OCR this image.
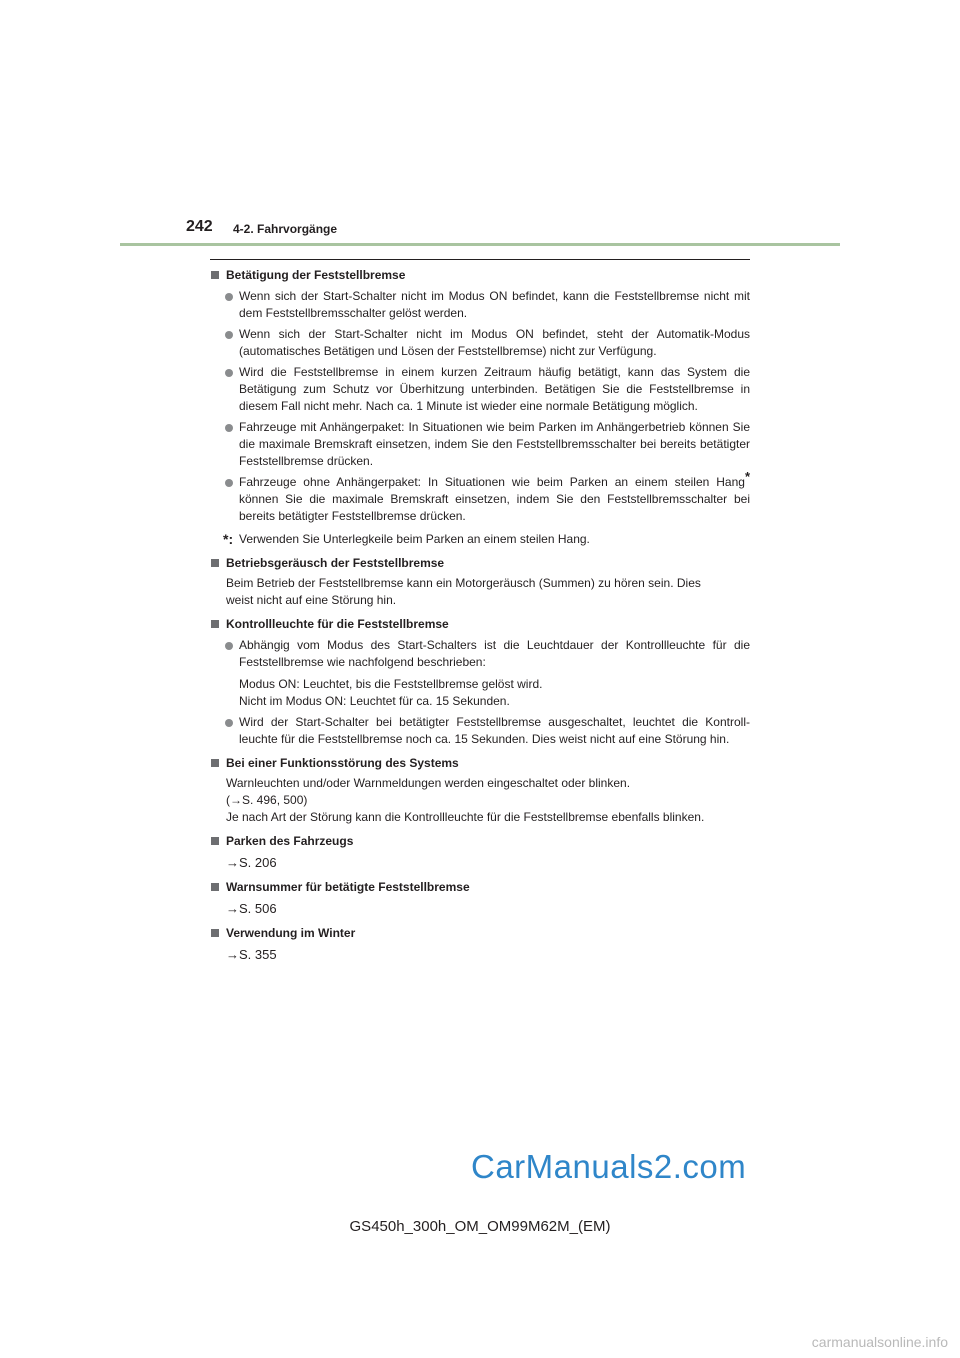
242 4-2. Fahrvorgänge
Betätigung der Feststellbremse
Wenn sich der Start-Schalter nicht im Modus ON befindet, kann die Feststellbremse nicht mit dem Feststellbremsschalter gelöst werden.
Wenn sich der Start-Schalter nicht im Modus ON befindet, steht der Automatik-Modus (automatisches Betätigen und Lösen der Feststellbremse) nicht zur Verfügung.
Wird die Feststellbremse in einem kurzen Zeitraum häufig betätigt, kann das System die Betätigung zum Schutz vor Überhitzung unterbinden. Betätigen Sie die Feststellbremse in diesem Fall nicht mehr. Nach ca. 1 Minute ist wieder eine normale Betätigung möglich.
Fahrzeuge mit Anhängerpaket: In Situationen wie beim Parken im Anhängerbetrieb können Sie die maximale Bremskraft einsetzen, indem Sie den Feststellbremsschalter bei bereits betätigter Feststellbremse drücken.
Fahrzeuge ohne Anhängerpaket: In Situationen wie beim Parken an einem steilen Hang* können Sie die maximale Bremskraft einsetzen, indem Sie den Feststellbremsschalter bei bereits betätigter Feststellbremse drücken.
*: Verwenden Sie Unterlegkeile beim Parken an einem steilen Hang.
Betriebsgeräusch der Feststellbremse
Beim Betrieb der Feststellbremse kann ein Motorgeräusch (Summen) zu hören sein. Dies
weist nicht auf eine Störung hin.
Kontrollleuchte für die Feststellbremse
Abhängig vom Modus des Start-Schalters ist die Leuchtdauer der Kontrollleuchte für die Feststellbremse wie nachfolgend beschrieben:
Modus ON: Leuchtet, bis die Feststellbremse gelöst wird.
Nicht im Modus ON: Leuchtet für ca. 15 Sekunden.
Wird der Start-Schalter bei betätigter Feststellbremse ausgeschaltet, leuchtet die Kontroll-leuchte für die Feststellbremse noch ca. 15 Sekunden. Dies weist nicht auf eine Störung hin.
Bei einer Funktionsstörung des Systems
Warnleuchten und/oder Warnmeldungen werden eingeschaltet oder blinken.
(→S. 496, 500)
Je nach Art der Störung kann die Kontrollleuchte für die Feststellbremse ebenfalls blinken.
Parken des Fahrzeugs
→S. 206
Warnsummer für betätigte Feststellbremse
→S. 506
Verwendung im Winter
→S. 355
CarManuals2.com
GS450h_300h_OM_OM99M62M_(EM)
carmanualsonline.info
